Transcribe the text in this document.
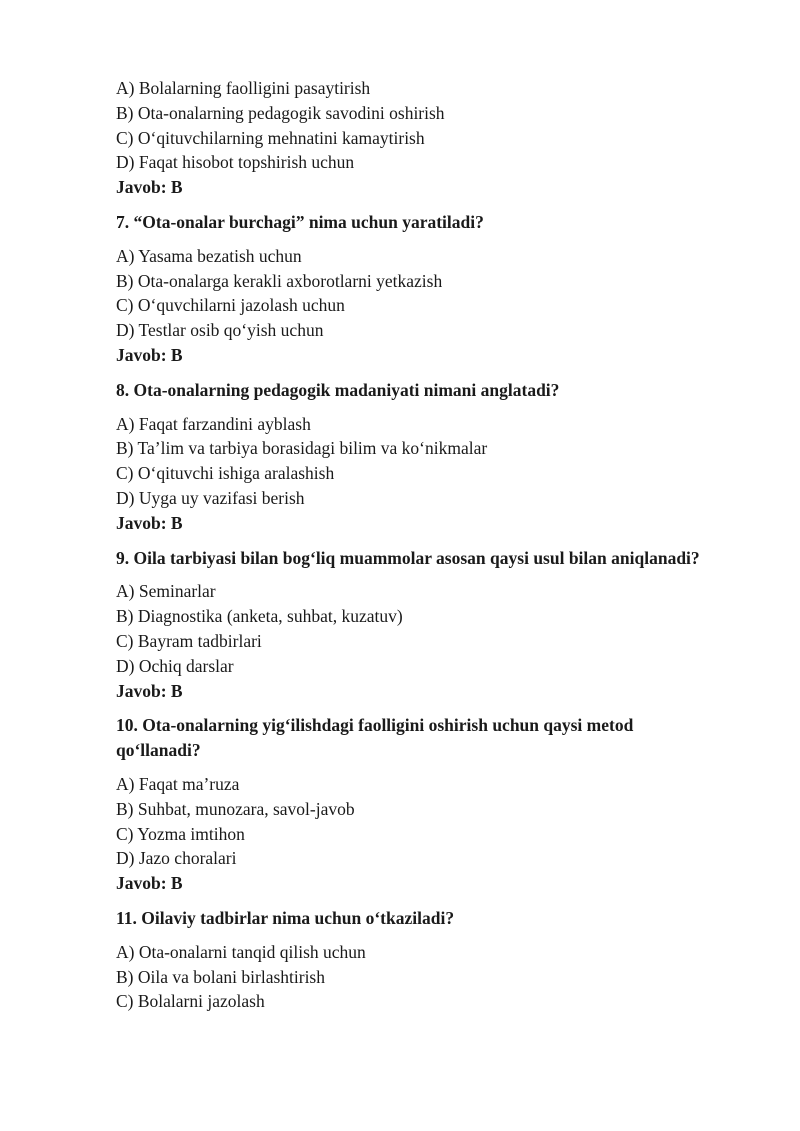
A) Bolalarning faolligini pasaytirish

B) Ota-onalarning pedagogik savodini oshirish

C) O‘qituvchilarning mehnatini kamaytirish

D) Faqat hisobot topshirish uchun

Javob: B

7. “Ota-onalar burchagi” nima uchun yaratiladi?

A) Yasama bezatish uchun

B) Ota-onalarga kerakli axborotlarni yetkazish

C) O‘quvchilarni jazolash uchun

D) Testlar osib qo‘yish uchun

Javob: B

8. Ota-onalarning pedagogik madaniyati nimani anglatadi?

A) Faqat farzandini ayblash

B) Ta’lim va tarbiya borasidagi bilim va ko‘nikmalar

C) O‘qituvchi ishiga aralashish

D) Uyga uy vazifasi berish

Javob: B

9. Oila tarbiyasi bilan bog‘liq muammolar asosan qaysi usul bilan aniqlanadi?

A) Seminarlar

B) Diagnostika (anketa, suhbat, kuzatuv)

C) Bayram tadbirlari

D) Ochiq darslar

Javob: B

10. Ota-onalarning yig‘ilishdagi faolligini oshirish uchun qaysi metod qo‘llanadi?

A) Faqat ma’ruza

B) Suhbat, munozara, savol-javob

C) Yozma imtihon

D) Jazo choralari

Javob: B

11. Oilaviy tadbirlar nima uchun o‘tkaziladi?

A) Ota-onalarni tanqid qilish uchun

B) Oila va bolani birlashtirish

C) Bolalarni jazolash
